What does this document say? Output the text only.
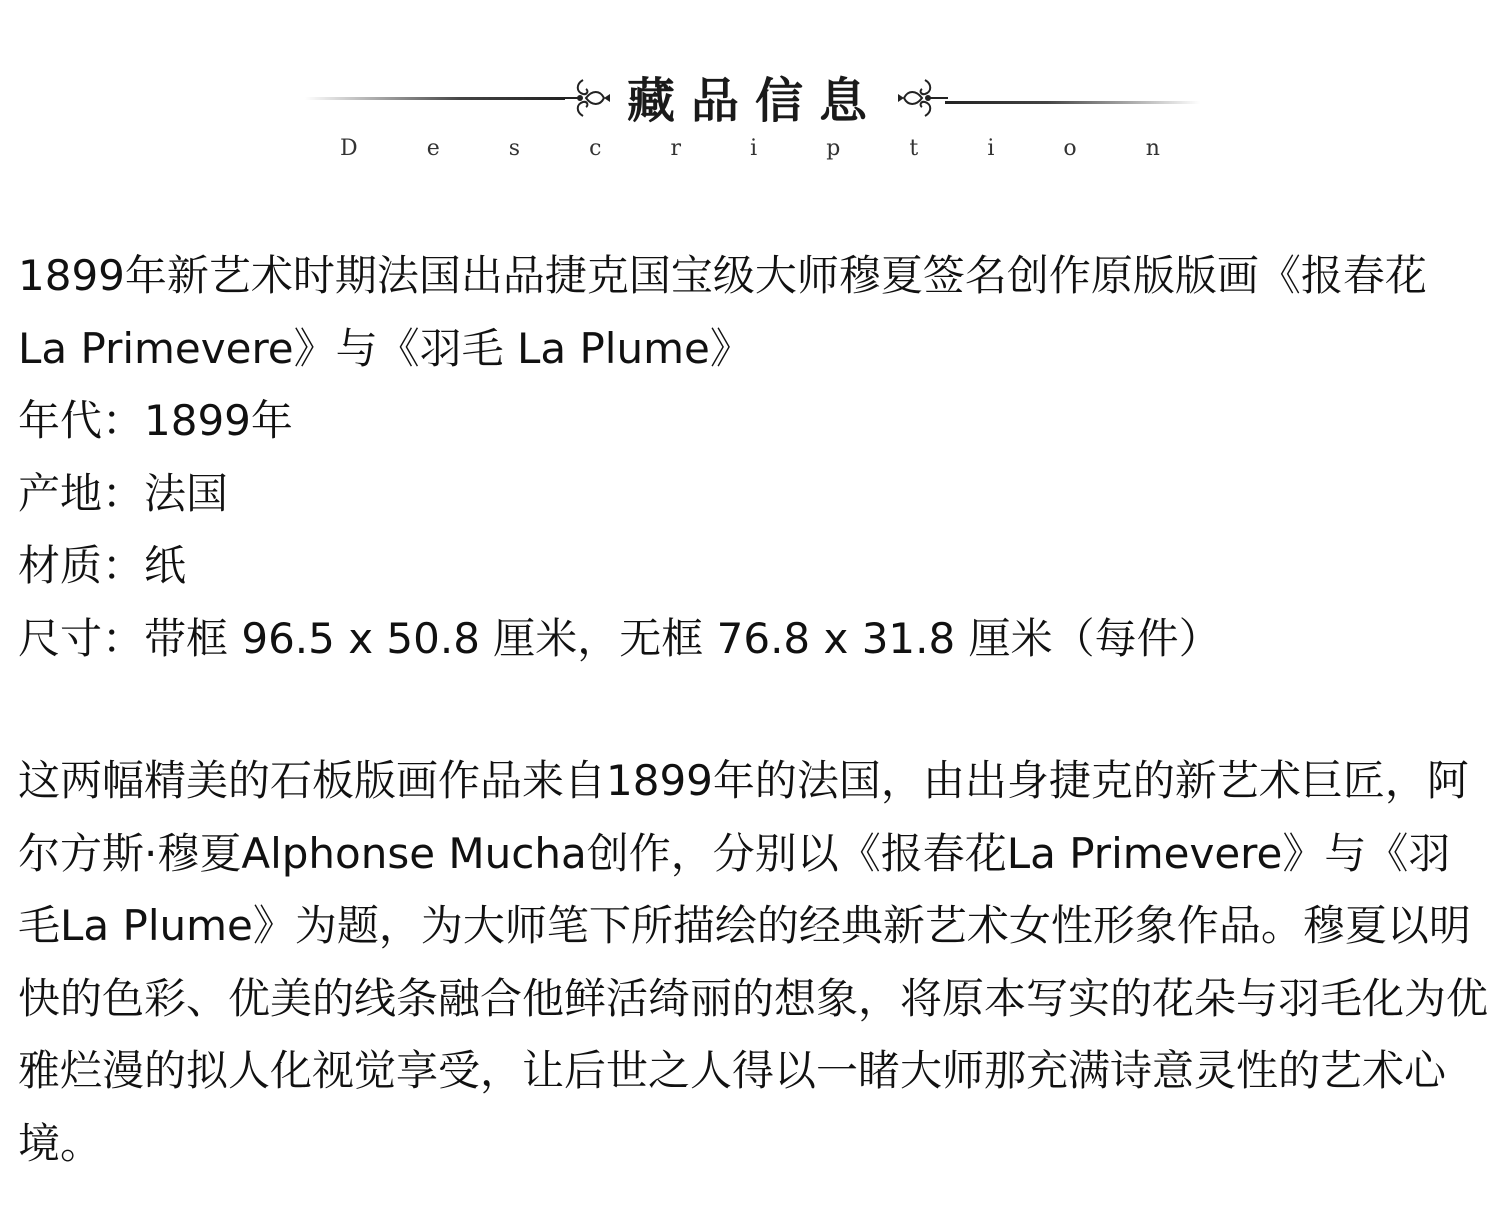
藏品信息
D	e	s	c	r	i	p	t	i	o	n
1899年新艺术时期法国出品捷克国宝级大师穆夏签名创作原版版画《报春花 La Primevere》与《羽毛 La Plume》
年代：1899年
产地：法国
材质：纸
尺寸：带框 96.5 x 50.8 厘米，无框 76.8 x 31.8 厘米（每件）

这两幅精美的石板版画作品来自1899年的法国，由出身捷克的新艺术巨匠，阿尔方斯·穆夏Alphonse Mucha创作，分别以《报春花La Primevere》与《羽毛La Plume》为题，为大师笔下所描绘的经典新艺术女性形象作品。穆夏以明快的色彩、优美的线条融合他鲜活绮丽的想象，将原本写实的花朵与羽毛化为优雅烂漫的拟人化视觉享受，让后世之人得以一睹大师那充满诗意灵性的艺术心境。
